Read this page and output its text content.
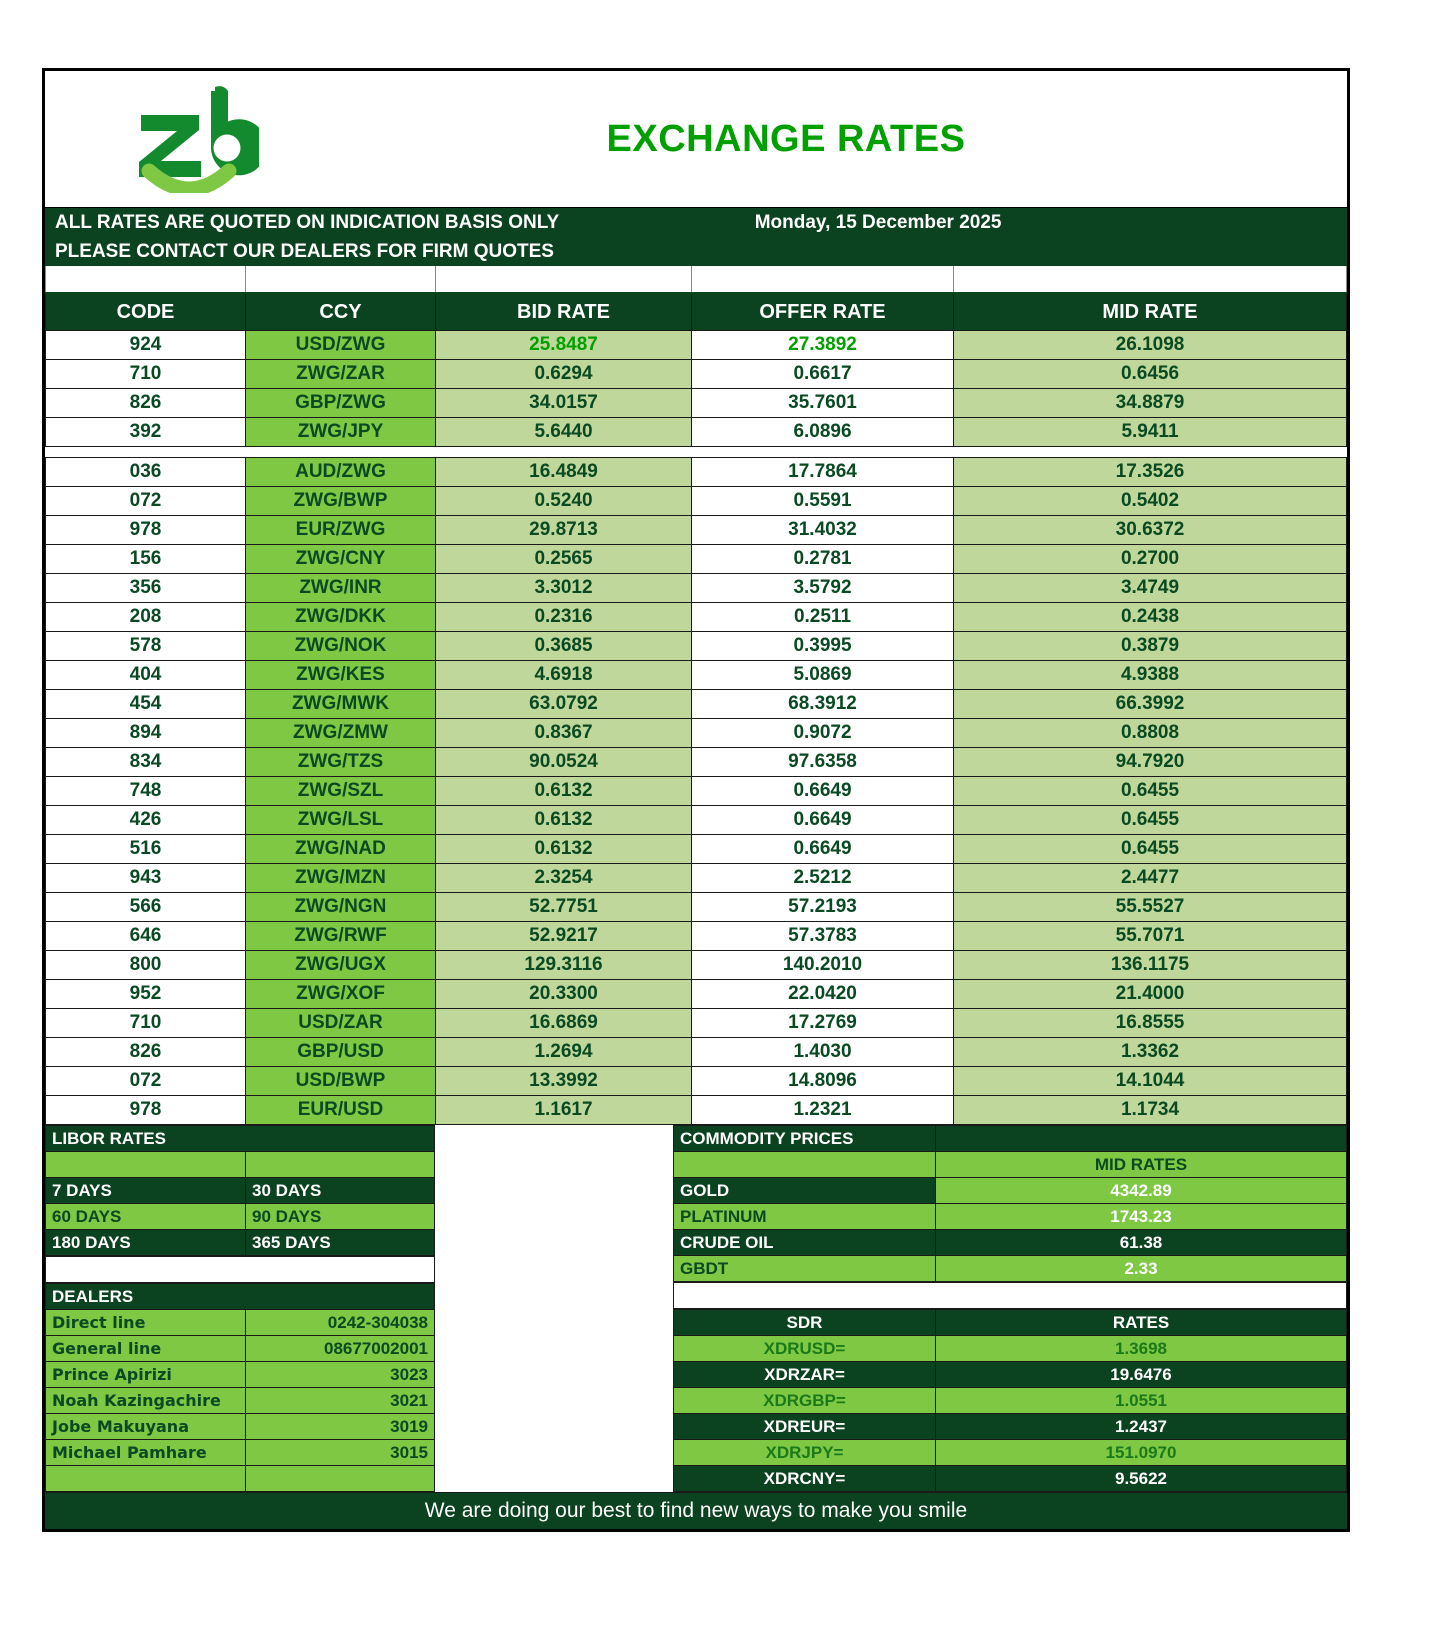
EXCHANGE RATES
ALL RATES ARE QUOTED ON INDICATION BASIS ONLY	Monday, 15 December 2025
PLEASE CONTACT OUR DEALERS FOR FIRM QUOTES

CODE	CCY	BID RATE	OFFER RATE	MID RATE
924	USD/ZWG	25.8487	27.3892	26.1098
710	ZWG/ZAR	0.6294	0.6617	0.6456
826	GBP/ZWG	34.0157	35.7601	34.8879
392	ZWG/JPY	5.6440	6.0896	5.9411

036	AUD/ZWG	16.4849	17.7864	17.3526
072	ZWG/BWP	0.5240	0.5591	0.5402
978	EUR/ZWG	29.8713	31.4032	30.6372
156	ZWG/CNY	0.2565	0.2781	0.2700
356	ZWG/INR	3.3012	3.5792	3.4749
208	ZWG/DKK	0.2316	0.2511	0.2438
578	ZWG/NOK	0.3685	0.3995	0.3879
404	ZWG/KES	4.6918	5.0869	4.9388
454	ZWG/MWK	63.0792	68.3912	66.3992
894	ZWG/ZMW	0.8367	0.9072	0.8808
834	ZWG/TZS	90.0524	97.6358	94.7920
748	ZWG/SZL	0.6132	0.6649	0.6455
426	ZWG/LSL	0.6132	0.6649	0.6455
516	ZWG/NAD	0.6132	0.6649	0.6455
943	ZWG/MZN	2.3254	2.5212	2.4477
566	ZWG/NGN	52.7751	57.2193	55.5527
646	ZWG/RWF	52.9217	57.3783	55.7071
800	ZWG/UGX	129.3116	140.2010	136.1175
952	ZWG/XOF	20.3300	22.0420	21.4000
710	USD/ZAR	16.6869	17.2769	16.8555
826	GBP/USD	1.2694	1.4030	1.3362
072	USD/BWP	13.3992	14.8096	14.1044
978	EUR/USD	1.1617	1.2321	1.1734
LIBOR RATES	

7 DAYS	30 DAYS
60 DAYS	90 DAYS
180 DAYS	365 DAYS
DEALERS	
Direct line	0242-304038
General line	08677002001
Prince Apirizi	3023
Noah Kazingachire	3021
Jobe Makuyana	3019
Michael Pamhare	3015

COMMODITY PRICES	
	MID RATES
GOLD	4342.89
PLATINUM	1743.23
CRUDE OIL	61.38
GBDT	2.33
SDR	RATES
XDRUSD=	1.3698
XDRZAR=	19.6476
XDRGBP=	1.0551
XDREUR=	1.2437
XDRJPY=	151.0970
XDRCNY=	9.5622
We are doing our best to find new ways to make you smile
